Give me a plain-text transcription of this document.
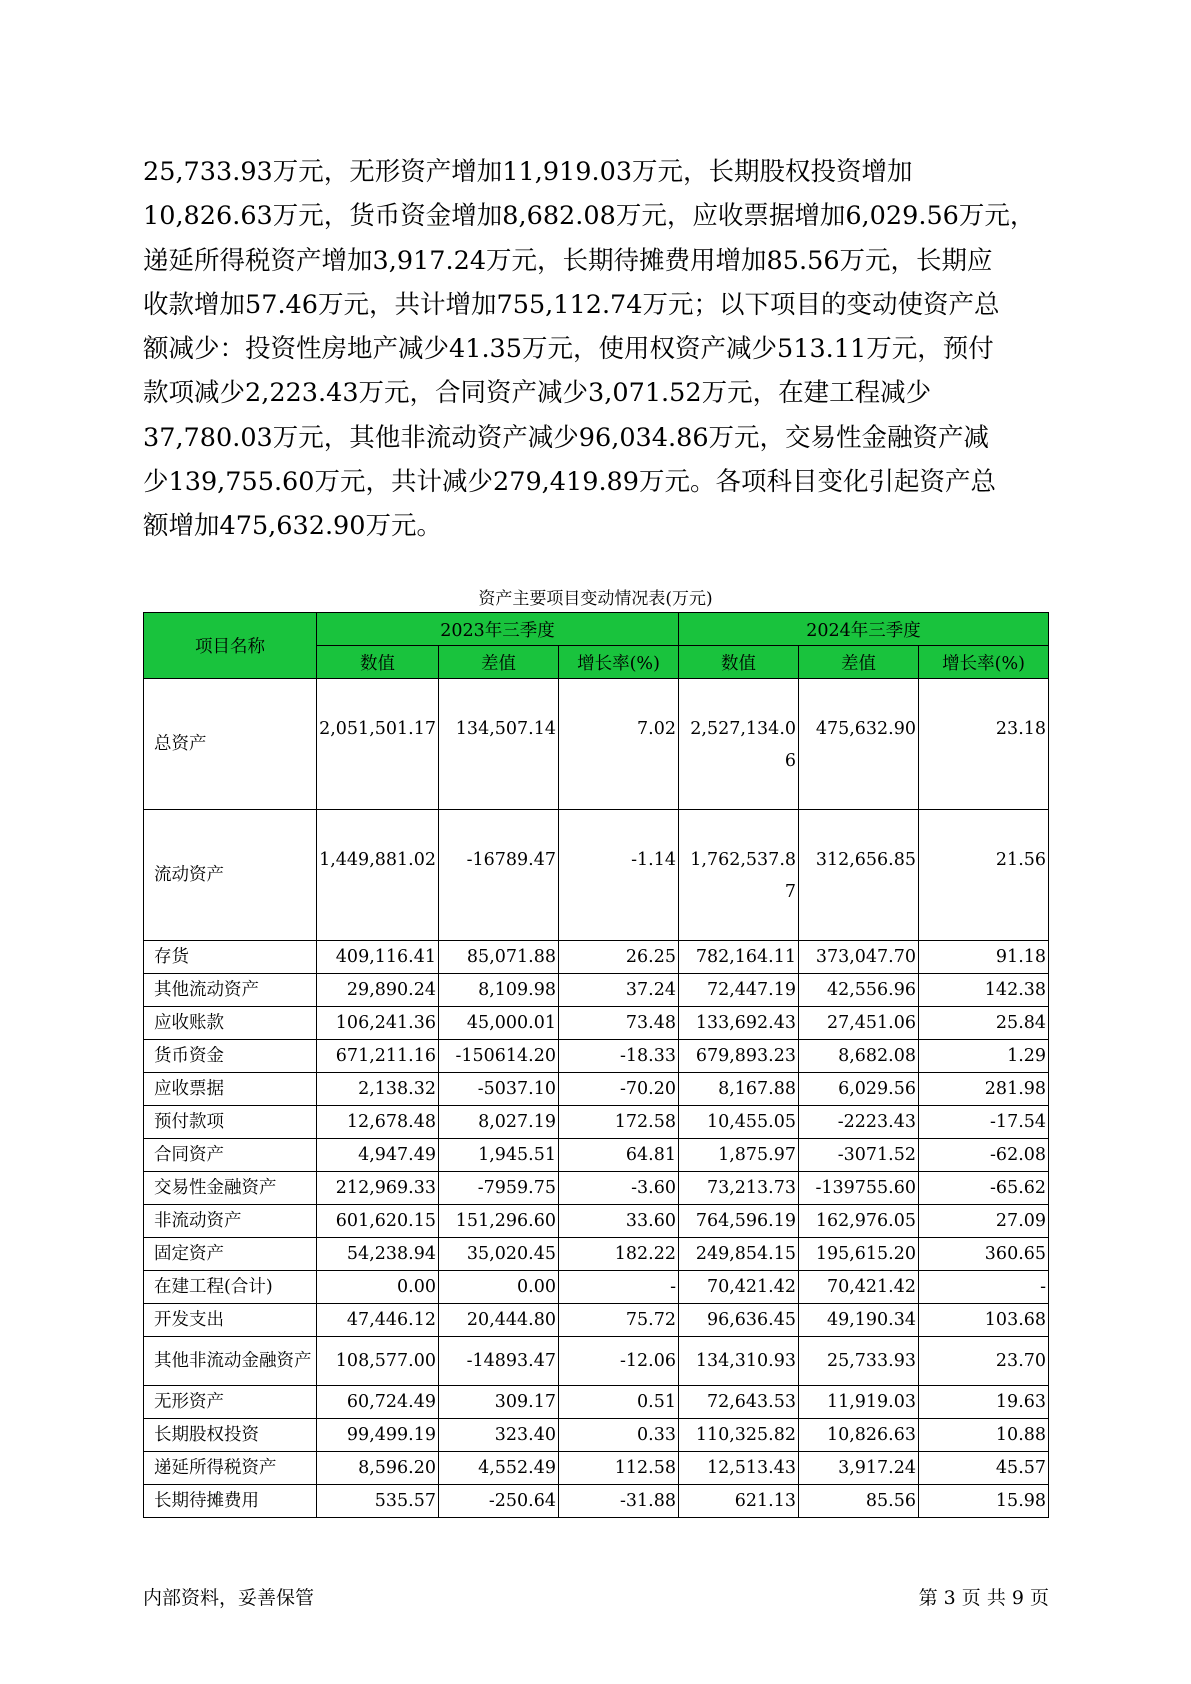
25,733.93万元，无形资产增加11,919.03万元，长期股权投资增加

10,826.63万元，货币资金增加8,682.08万元，应收票据增加6,029.56万元，

递延所得税资产增加3,917.24万元，长期待摊费用增加85.56万元，长期应

收款增加57.46万元，共计增加755,112.74万元；以下项目的变动使资产总

额减少：投资性房地产减少41.35万元，使用权资产减少513.11万元，预付

款项减少2,223.43万元，合同资产减少3,071.52万元，在建工程减少

37,780.03万元，其他非流动资产减少96,034.86万元，交易性金融资产减

少139,755.60万元，共计减少279,419.89万元。各项科目变化引起资产总

额增加475,632.90万元。

资产主要项目变动情况表(万元)
项目名称	2023年三季度			2024年三季度		
	数值	差值	增长率(%)	数值	差值	增长率(%)
总资产	2,051,501.17	134,507.14	7.02	2,527,134.06	475,632.90	23.18
流动资产	1,449,881.02	-16789.47	-1.14	1,762,537.87	312,656.85	21.56
存货	409,116.41	85,071.88	26.25	782,164.11	373,047.70	91.18
其他流动资产	29,890.24	8,109.98	37.24	72,447.19	42,556.96	142.38
应收账款	106,241.36	45,000.01	73.48	133,692.43	27,451.06	25.84
货币资金	671,211.16	-150614.20	-18.33	679,893.23	8,682.08	1.29
应收票据	2,138.32	-5037.10	-70.20	8,167.88	6,029.56	281.98
预付款项	12,678.48	8,027.19	172.58	10,455.05	-2223.43	-17.54
合同资产	4,947.49	1,945.51	64.81	1,875.97	-3071.52	-62.08
交易性金融资产	212,969.33	-7959.75	-3.60	73,213.73	-139755.60	-65.62
非流动资产	601,620.15	151,296.60	33.60	764,596.19	162,976.05	27.09
固定资产	54,238.94	35,020.45	182.22	249,854.15	195,615.20	360.65
在建工程(合计)	0.00	0.00	-	70,421.42	70,421.42	-
开发支出	47,446.12	20,444.80	75.72	96,636.45	49,190.34	103.68
其他非流动金融资产	108,577.00	-14893.47	-12.06	134,310.93	25,733.93	23.70
无形资产	60,724.49	309.17	0.51	72,643.53	11,919.03	19.63
长期股权投资	99,499.19	323.40	0.33	110,325.82	10,826.63	10.88
递延所得税资产	8,596.20	4,552.49	112.58	12,513.43	3,917.24	45.57
长期待摊费用	535.57	-250.64	-31.88	621.13	85.56	15.98
内部资料，妥善保管	第 3 页 共 9 页
